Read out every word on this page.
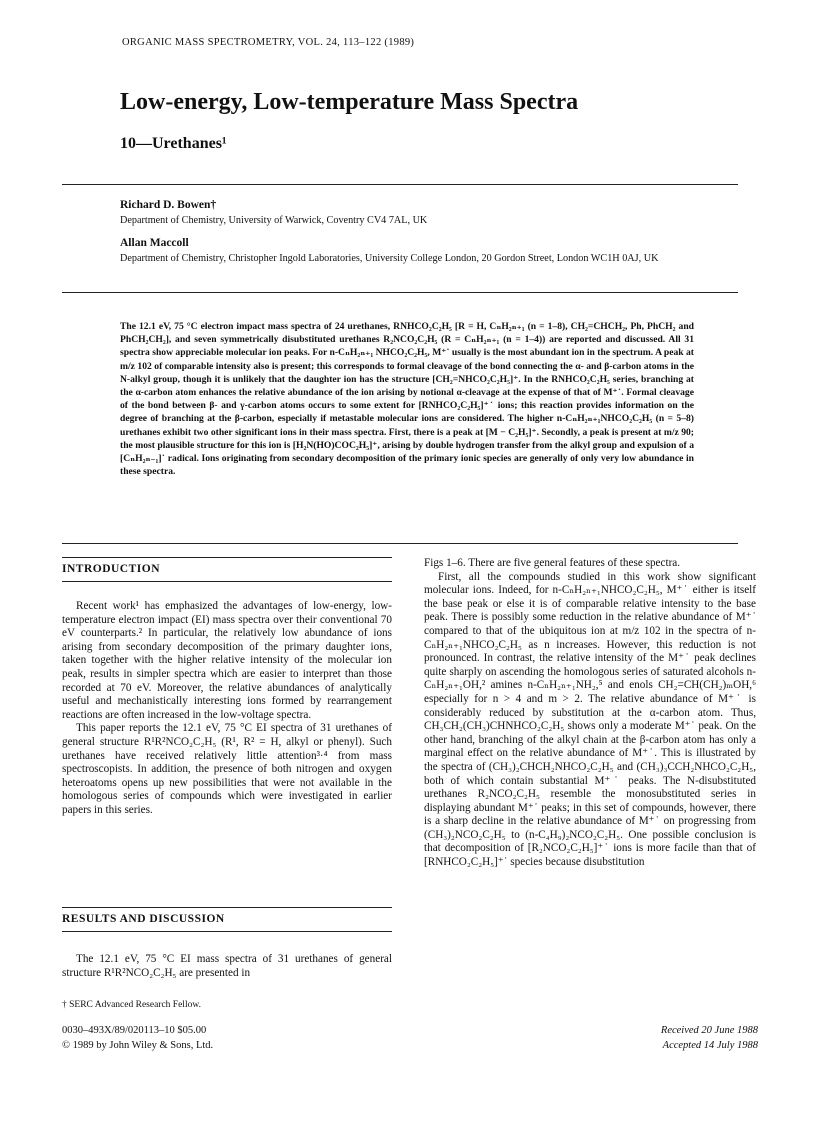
ORGANIC MASS SPECTROMETRY, VOL. 24, 113–122 (1989)
Low-energy, Low-temperature Mass Spectra
10—Urethanes¹
Richard D. Bowen†
Department of Chemistry, University of Warwick, Coventry CV4 7AL, UK
Allan Maccoll
Department of Chemistry, Christopher Ingold Laboratories, University College London, 20 Gordon Street, London WC1H 0AJ, UK
The 12.1 eV, 75 °C electron impact mass spectra of 24 urethanes, RNHCO₂C₂H₅ [R = H, CₙH₂ₙ₊₁ (n = 1–8), CH₂=CHCH₂, Ph, PhCH₂ and PhCH₂CH₂], and seven symmetrically disubstituted urethanes R₂NCO₂C₂H₅ (R = CₙH₂ₙ₊₁ (n = 1–4)) are reported and discussed. All 31 spectra show appreciable molecular ion peaks. For n-CₙH₂ₙ₊₁ NHCO₂C₂H₅, M⁺˙ usually is the most abundant ion in the spectrum. A peak at m/z 102 of comparable intensity also is present; this corresponds to formal cleavage of the bond connecting the α- and β-carbon atoms in the N-alkyl group, though it is unlikely that the daughter ion has the structure [CH₂=NHCO₂C₂H₅]⁺. In the RNHCO₂C₂H₅ series, branching at the α-carbon atom enhances the relative abundance of the ion arising by notional α-cleavage at the expense of that of M⁺˙. Formal cleavage of the bond between β- and γ-carbon atoms occurs to some extent for [RNHCO₂C₂H₅]⁺˙ ions; this reaction provides information on the degree of branching at the β-carbon, especially if metastable molecular ions are considered. The higher n-CₙH₂ₙ₊₁NHCO₂C₂H₅ (n = 5–8) urethanes exhibit two other significant ions in their mass spectra. First, there is a peak at [M − C₂H₅]⁺. Secondly, a peak is present at m/z 90; the most plausible structure for this ion is [H₂N(HO)COC₂H₅]⁺, arising by double hydrogen transfer from the alkyl group and expulsion of a [CₙH₂ₙ₋₁]˙ radical. Ions originating from secondary decomposition of the primary ionic species are generally of only very low abundance in these spectra.
INTRODUCTION

Recent work¹ has emphasized the advantages of low-energy, low-temperature electron impact (EI) mass spectra over their conventional 70 eV counterparts.² In particular, the relatively low abundance of ions arising from secondary decomposition of the primary daughter ions, taken together with the higher relative intensity of the molecular ion peak, results in simpler spectra which are easier to interpret than those recorded at 70 eV. Moreover, the relative abundances of analytically useful and mechanistically interesting ions formed by rearrangement reactions are often increased in the low-voltage spectra.

This paper reports the 12.1 eV, 75 °C EI spectra of 31 urethanes of general structure R¹R²NCO₂C₂H₅ (R¹, R² = H, alkyl or phenyl). Such urethanes have received relatively little attention³·⁴ from mass spectroscopists. In addition, the presence of both nitrogen and oxygen heteroatoms opens up new possibilities that were not available in the homologous series of compounds which were investigated in earlier papers in this series.

RESULTS AND DISCUSSION
The 12.1 eV, 75 °C EI mass spectra of 31 urethanes of general structure R¹R²NCO₂C₂H₅ are presented in
† SERC Advanced Research Fellow.

Figs 1–6. There are five general features of these spectra.

First, all the compounds studied in this work show significant molecular ions. Indeed, for n-CₙH₂ₙ₊₁NHCO₂C₂H₅, M⁺˙ either is itself the base peak or else it is of comparable relative intensity to the base peak. There is possibly some reduction in the relative abundance of M⁺˙ compared to that of the ubiquitous ion at m/z 102 in the spectra of n-CₙH₂ₙ₊₁NHCO₂C₂H₅ as n increases. However, this reduction is not pronounced. In contrast, the relative intensity of the M⁺˙ peak declines quite sharply on ascending the homologous series of saturated alcohols n-CₙH₂ₙ₊₁OH,² amines n-CₙH₂ₙ₊₁NH₂,⁵ and enols CH₂=CH(CH₂)ₘOH,⁶ especially for n > 4 and m > 2. The relative abundance of M⁺˙ is considerably reduced by substitution at the α-carbon atom. Thus, CH₃CH₂(CH₃)CHNHCO₂C₂H₅ shows only a moderate M⁺˙ peak. On the other hand, branching of the alkyl chain at the β-carbon atom has only a marginal effect on the relative abundance of M⁺˙. This is illustrated by the spectra of (CH₃)₂CHCH₂NHCO₂C₂H₅ and (CH₃)₃CCH₂NHCO₂C₂H₅, both of which contain substantial M⁺˙ peaks. The N-disubstituted urethanes R₂NCO₂C₂H₅ resemble the monosubstituted series in displaying abundant M⁺˙ peaks; in this set of compounds, however, there is a sharp decline in the relative abundance of M⁺˙ on progressing from (CH₃)₂NCO₂C₂H₅ to (n-C₄H₉)₂NCO₂C₂H₅. One possible conclusion is that decomposition of [R₂NCO₂C₂H₅]⁺˙ ions is more facile than that of [RNHCO₂C₂H₅]⁺˙ species because disubstitution

0030–493X/89/020113–10 $05.00
© 1989 by John Wiley & Sons, Ltd.
Received 20 June 1988
Accepted 14 July 1988
